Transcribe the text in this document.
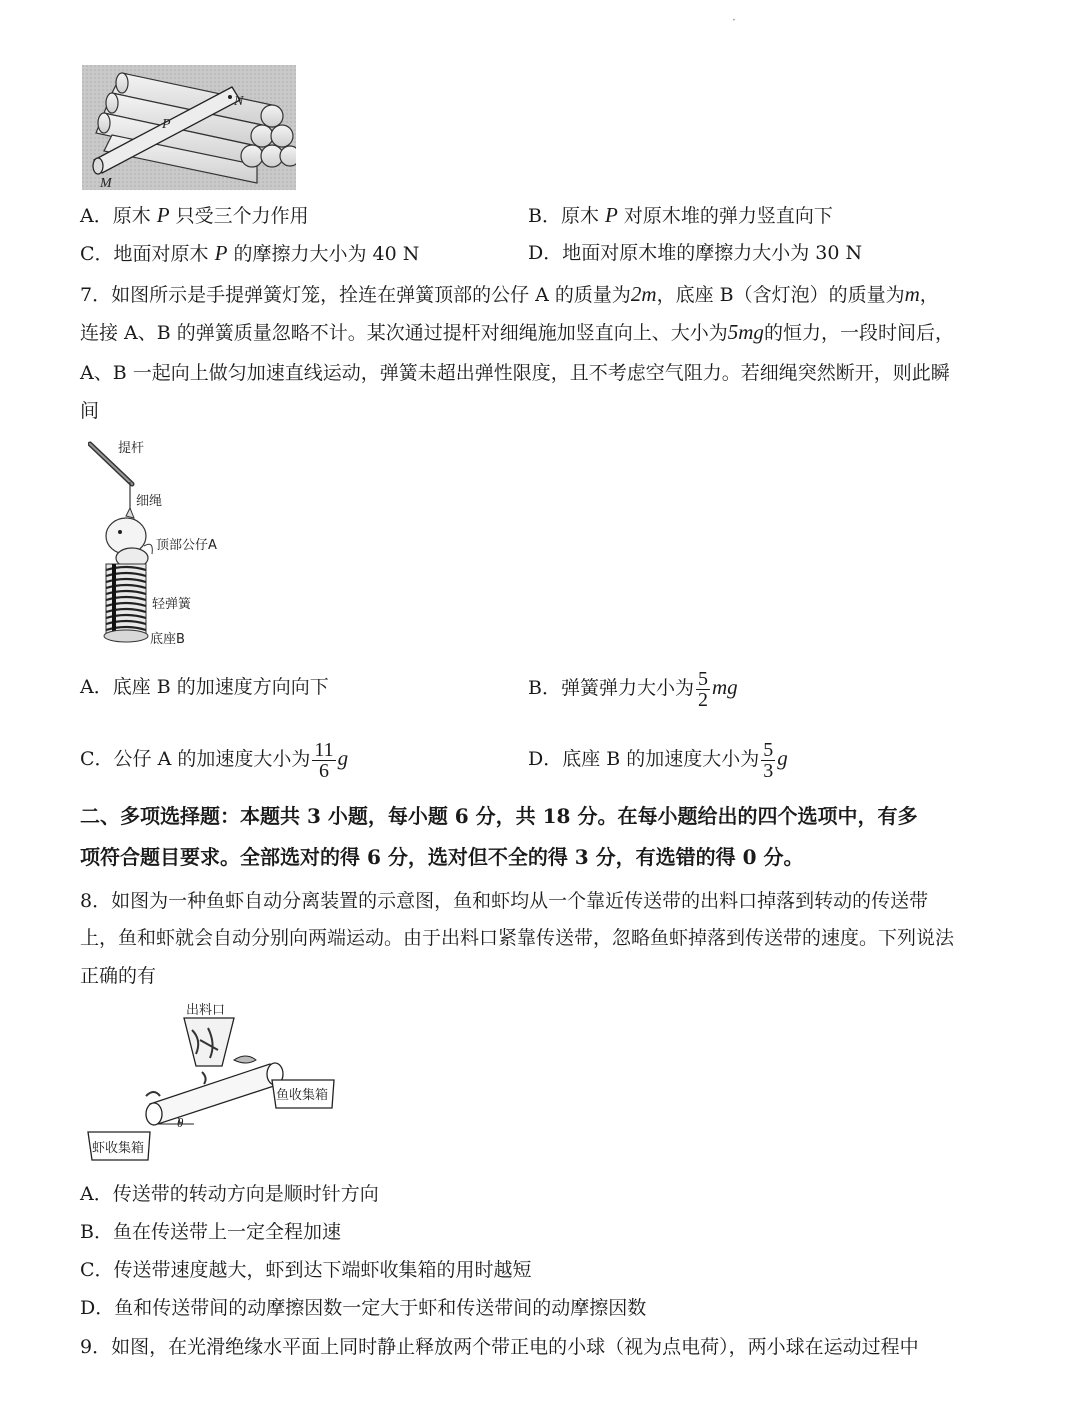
·
N
P
M
A．原木 P 只受三个力作用	B．原木 P 对原木堆的弹力竖直向下
C．地面对原木 P 的摩擦力大小为 40 N	D．地面对原木堆的摩擦力大小为 30 N
7．如图所示是手提弹簧灯笼，拴连在弹簧顶部的公仔 A 的质量为2m，底座 B（含灯泡）的质量为m，
连接 A、B 的弹簧质量忽略不计。某次通过提杆对细绳施加竖直向上、大小为5mg的恒力，一段时间后，
A、B 一起向上做匀加速直线运动，弹簧未超出弹性限度，且不考虑空气阻力。若细绳突然断开，则此瞬
间
提杆
细绳
顶部公仔A
轻弹簧
底座B
A．底座 B 的加速度方向向下	B．弹簧弹力大小为 $\frac{5}{2}$ mg
C．公仔 A 的加速度大小为 $\frac{11}{6}$ g	D．底座 B 的加速度大小为 $\frac{5}{3}$ g
二、多项选择题：本题共 3 小题，每小题 6 分，共 18 分。在每小题给出的四个选项中，有多
项符合题目要求。全部选对的得 6 分，选对但不全的得 3 分，有选错的得 0 分。
8．如图为一种鱼虾自动分离装置的示意图，鱼和虾均从一个靠近传送带的出料口掉落到转动的传送带
上，鱼和虾就会自动分别向两端运动。由于出料口紧靠传送带，忽略鱼虾掉落到传送带的速度。下列说法
正确的有
出料口
θ
鱼收集箱
虾收集箱
A．传送带的转动方向是顺时针方向
B．鱼在传送带上一定全程加速
C．传送带速度越大，虾到达下端虾收集箱的用时越短
D．鱼和传送带间的动摩擦因数一定大于虾和传送带间的动摩擦因数
9．如图，在光滑绝缘水平面上同时静止释放两个带正电的小球（视为点电荷），两小球在运动过程中
